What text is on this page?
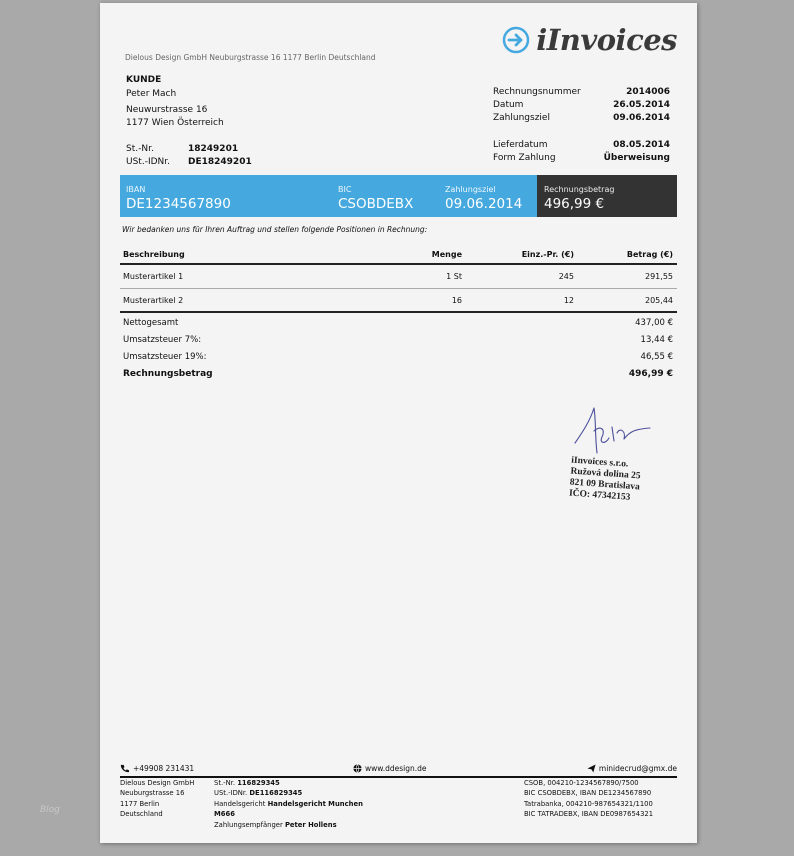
Dielous Design GmbH Neuburgstrasse 16 1177 Berlin Deutschland
iInvoices
KUNDE
Peter Mach
Neuwurstrasse 16
1177 Wien Österreich
St.-Nr.	18249201
USt.-IDNr. DE18249201
Rechnungsnummer	2014006
Datum	26.05.2014
Zahlungsziel	09.06.2014
Lieferdatum	08.05.2014
Form Zahlung	Überweisung
IBAN
DE1234567890
BIC
CSOBDEBX
Zahlungsziel
09.06.2014
Rechnungsbetrag
496,99 €
Wir bedanken uns für Ihren Auftrag und stellen folgende Positionen in Rechnung:
Beschreibung	Menge	Einz.-Pr. (€)	Betrag (€)
Musterartikel 1	1 St	245	291,55
Musterartikel 2	16	12	205,44
Nettogesamt	437,00 €
Umsatzsteuer 7%:	13,44 €
Umsatzsteuer 19%:	46,55 €
Rechnungsbetrag	496,99 €
iInvoices s.r.o.
Ružová dolina 25
821 09 Bratislava
IČO: 47342153
+49908 231431	www.ddesign.de	minidecrud@gmx.de
Dielous Design GmbH
Neuburgstrasse 16
1177 Berlin
Deutschland
St.-Nr. 116829345
USt.-IDNr. DE116829345
Handelsgericht Handelsgericht Munchen
M666
Zahlungsempfänger Peter Hollens
CSOB, 004210-1234567890/7500
BIC CSOBDEBX, IBAN DE1234567890
Tatrabanka, 004210-987654321/1100
BIC TATRADEBX, IBAN DE0987654321
Blog
